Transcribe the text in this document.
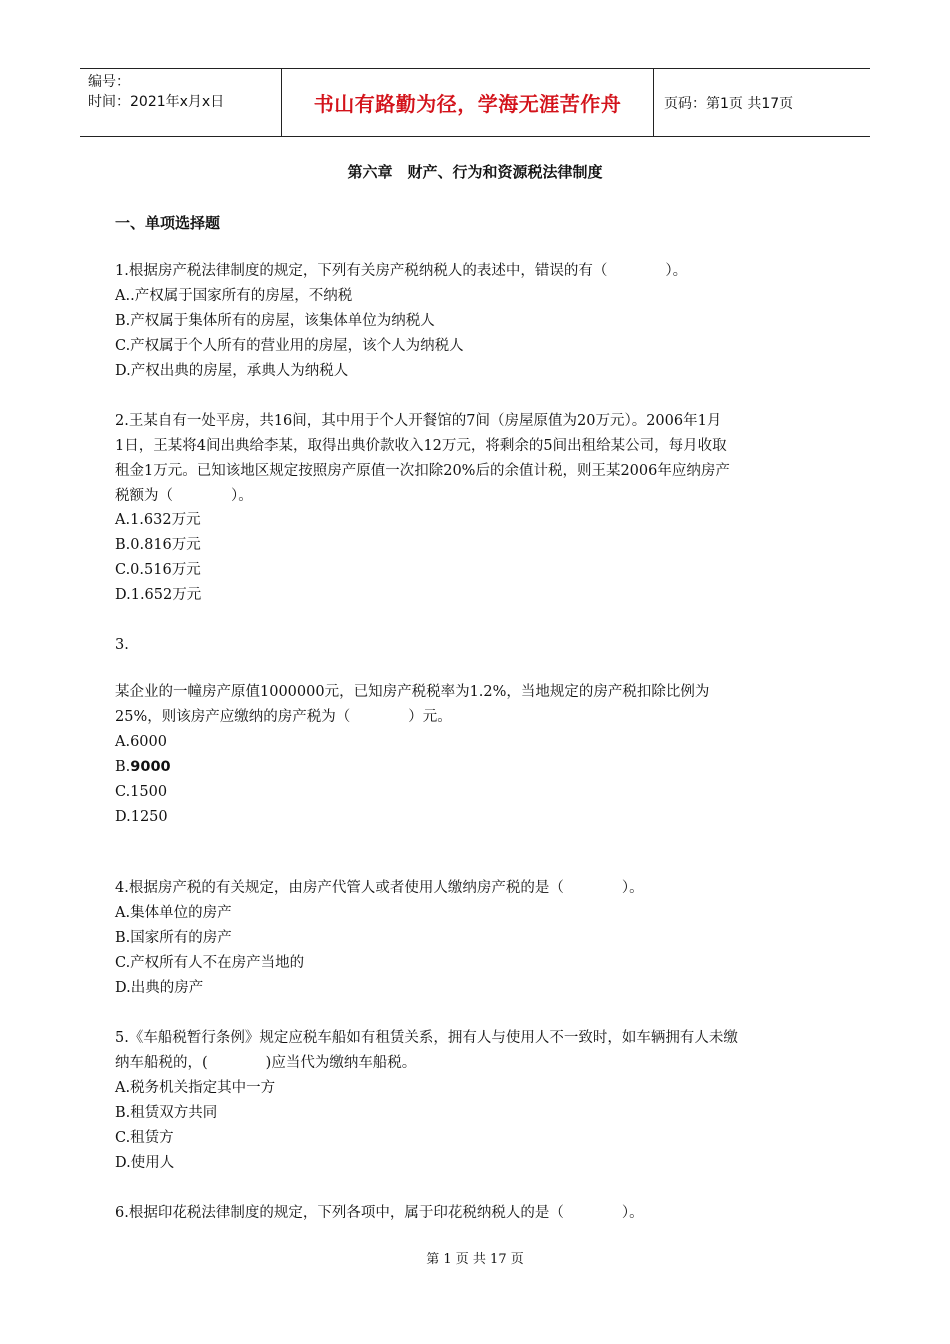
编号：
时间：2021年x月x日	书山有路勤为径，学海无涯苦作舟	页码：第1页 共17页
第六章　财产、行为和资源税法律制度
一、单项选择题
1.根据房产税法律制度的规定，下列有关房产税纳税人的表述中，错误的有（　　　　）。
A..产权属于国家所有的房屋，不纳税
B.产权属于集体所有的房屋，该集体单位为纳税人
C.产权属于个人所有的营业用的房屋，该个人为纳税人
D.产权出典的房屋，承典人为纳税人
2.王某自有一处平房，共16间，其中用于个人开餐馆的7间（房屋原值为20万元）。2006年1月
1日，王某将4间出典给李某，取得出典价款收入12万元，将剩余的5间出租给某公司，每月收取
租金1万元。已知该地区规定按照房产原值一次扣除20%后的余值计税，则王某2006年应纳房产
税额为（　　　　）。
A.1.632万元
B.0.816万元
C.0.516万元
D.1.652万元
3.
某企业的一幢房产原值1000000元，已知房产税税率为1.2%，当地规定的房产税扣除比例为
25%，则该房产应缴纳的房产税为（　　　　）元。
A.6000
B.9000
C.1500
D.1250
4.根据房产税的有关规定，由房产代管人或者使用人缴纳房产税的是（　　　　）。
A.集体单位的房产
B.国家所有的房产
C.产权所有人不在房产当地的
D.出典的房产
5.《车船税暂行条例》规定应税车船如有租赁关系，拥有人与使用人不一致时，如车辆拥有人未缴
纳车船税的，(　　　　)应当代为缴纳车船税。
A.税务机关指定其中一方
B.租赁双方共同
C.租赁方
D.使用人
6.根据印花税法律制度的规定，下列各项中，属于印花税纳税人的是（　　　　）。
第 1 页 共 17 页
